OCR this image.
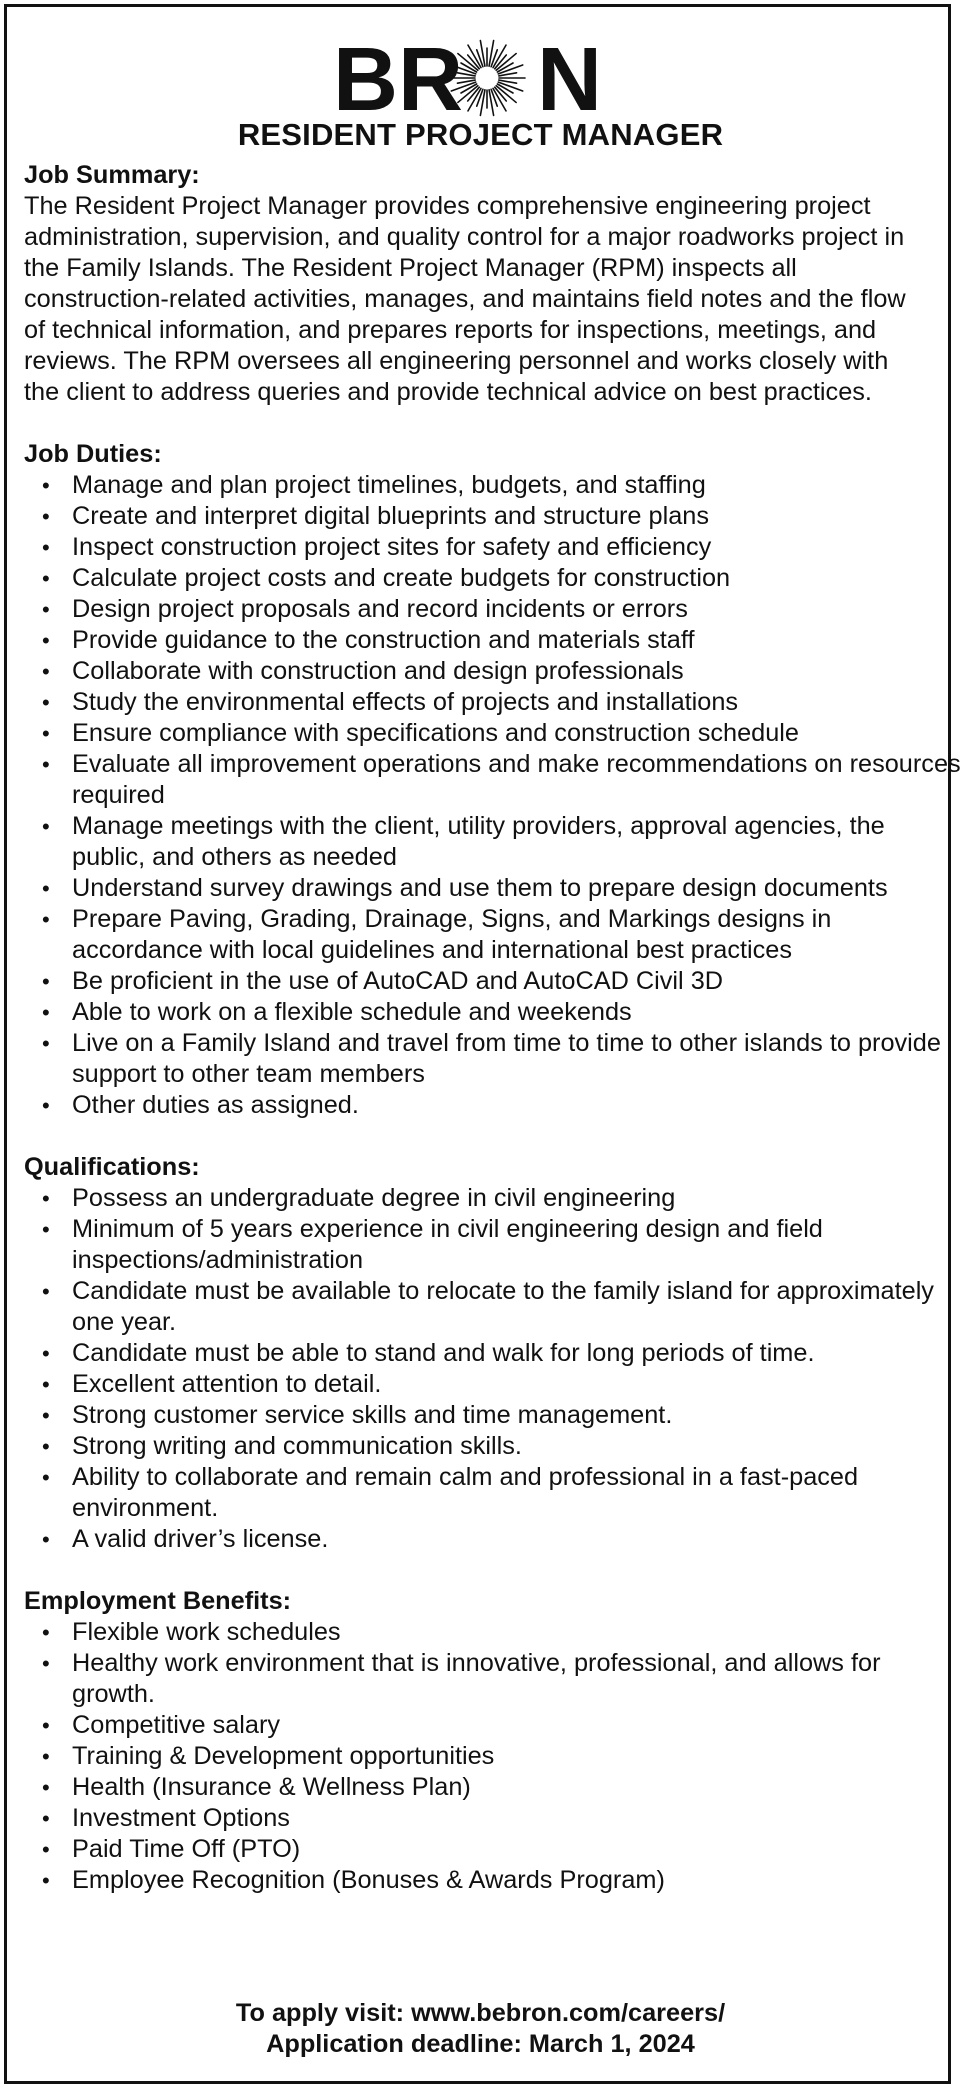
BR N
RESIDENT PROJECT MANAGER

Job Summary:

The Resident Project Manager provides comprehensive engineering project administration, supervision, and quality control for a major roadworks project in the Family Islands. The Resident Project Manager (RPM) inspects all construction-related activities, manages, and maintains field notes and the flow of technical information, and prepares reports for inspections, meetings, and reviews. The RPM oversees all engineering personnel and works closely with the client to address queries and provide technical advice on best practices.

Job Duties:

• Manage and plan project timelines, budgets, and staffing
• Create and interpret digital blueprints and structure plans
• Inspect construction project sites for safety and efficiency
• Calculate project costs and create budgets for construction
• Design project proposals and record incidents or errors
• Provide guidance to the construction and materials staff
• Collaborate with construction and design professionals
• Study the environmental effects of projects and installations
• Ensure compliance with specifications and construction schedule
• Evaluate all improvement operations and make recommendations on resources required
• Manage meetings with the client, utility providers, approval agencies, the public, and others as needed
• Understand survey drawings and use them to prepare design documents
• Prepare Paving, Grading, Drainage, Signs, and Markings designs in accordance with local guidelines and international best practices
• Be proficient in the use of AutoCAD and AutoCAD Civil 3D
• Able to work on a flexible schedule and weekends
• Live on a Family Island and travel from time to time to other islands to provide support to other team members
• Other duties as assigned.

Qualifications:

• Possess an undergraduate degree in civil engineering
• Minimum of 5 years experience in civil engineering design and field inspections/administration
• Candidate must be available to relocate to the family island for approximately one year.
• Candidate must be able to stand and walk for long periods of time.
• Excellent attention to detail.
• Strong customer service skills and time management.
• Strong writing and communication skills.
• Ability to collaborate and remain calm and professional in a fast-paced environment.
• A valid driver’s license.

Employment Benefits:

• Flexible work schedules
• Healthy work environment that is innovative, professional, and allows for growth.
• Competitive salary
• Training & Development opportunities
• Health (Insurance & Wellness Plan)
• Investment Options
• Paid Time Off (PTO)
• Employee Recognition (Bonuses & Awards Program)
To apply visit: www.bebron.com/careers/
Application deadline: March 1, 2024
